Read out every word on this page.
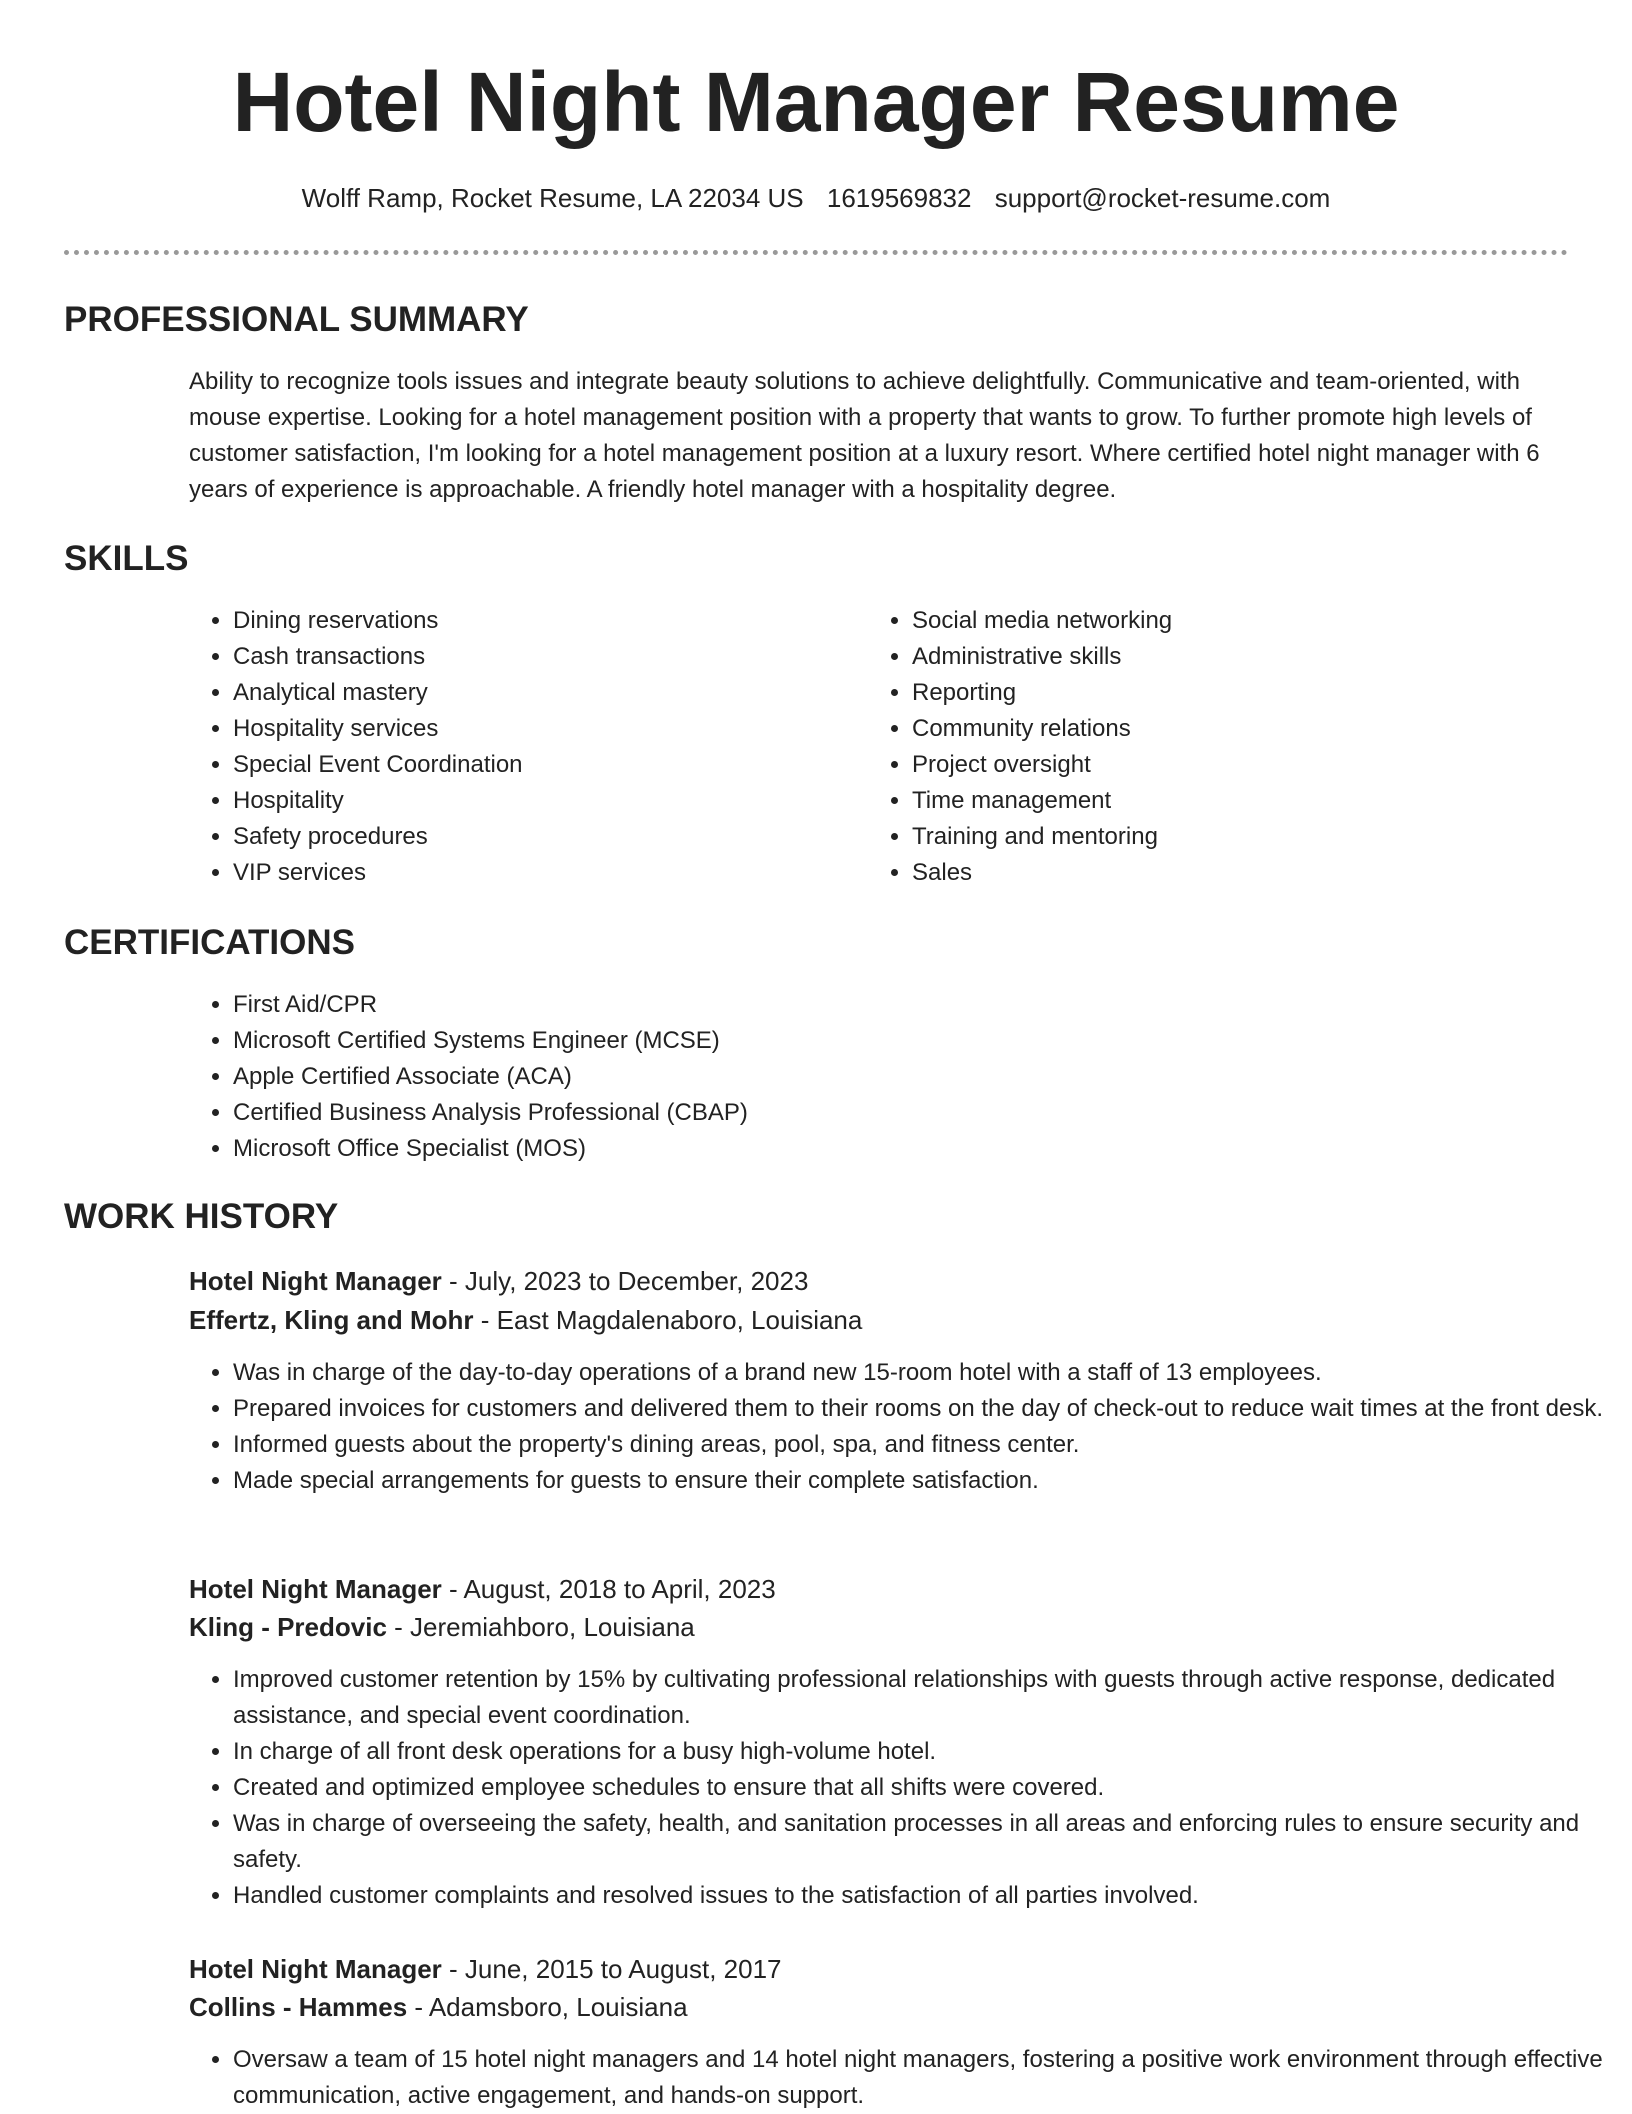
Hotel Night Manager Resume
Wolff Ramp, Rocket Resume, LA 22034 US 1619569832 support@rocket-resume.com
PROFESSIONAL SUMMARY

Ability to recognize tools issues and integrate beauty solutions to achieve delightfully. Communicative and team-oriented, with mouse expertise. Looking for a hotel management position with a property that wants to grow. To further promote high levels of customer satisfaction, I'm looking for a hotel management position at a luxury resort. Where certified hotel night manager with 6 years of experience is approachable. A friendly hotel manager with a hospitality degree.

SKILLS
• Dining reservations
• Cash transactions
• Analytical mastery
• Hospitality services
• Special Event Coordination
• Hospitality
• Safety procedures
• VIP services
• Social media networking
• Administrative skills
• Reporting
• Community relations
• Project oversight
• Time management
• Training and mentoring
• Sales
CERTIFICATIONS
• First Aid/CPR
• Microsoft Certified Systems Engineer (MCSE)
• Apple Certified Associate (ACA)
• Certified Business Analysis Professional (CBAP)
• Microsoft Office Specialist (MOS)
WORK HISTORY

Hotel Night Manager - July, 2023 to December, 2023

Effertz, Kling and Mohr - East Magdalenaboro, Louisiana

• Was in charge of the day-to-day operations of a brand new 15-room hotel with a staff of 13 employees.
• Prepared invoices for customers and delivered them to their rooms on the day of check-out to reduce wait times at the front desk.
• Informed guests about the property's dining areas, pool, spa, and fitness center.
• Made special arrangements for guests to ensure their complete satisfaction.

Hotel Night Manager - August, 2018 to April, 2023

Kling - Predovic - Jeremiahboro, Louisiana

• Improved customer retention by 15% by cultivating professional relationships with guests through active response, dedicated assistance, and special event coordination.
• In charge of all front desk operations for a busy high-volume hotel.
• Created and optimized employee schedules to ensure that all shifts were covered.
• Was in charge of overseeing the safety, health, and sanitation processes in all areas and enforcing rules to ensure security and safety.
• Handled customer complaints and resolved issues to the satisfaction of all parties involved.

Hotel Night Manager - June, 2015 to August, 2017

Collins - Hammes - Adamsboro, Louisiana

• Oversaw a team of 15 hotel night managers and 14 hotel night managers, fostering a positive work environment through effective communication, active engagement, and hands-on support.
